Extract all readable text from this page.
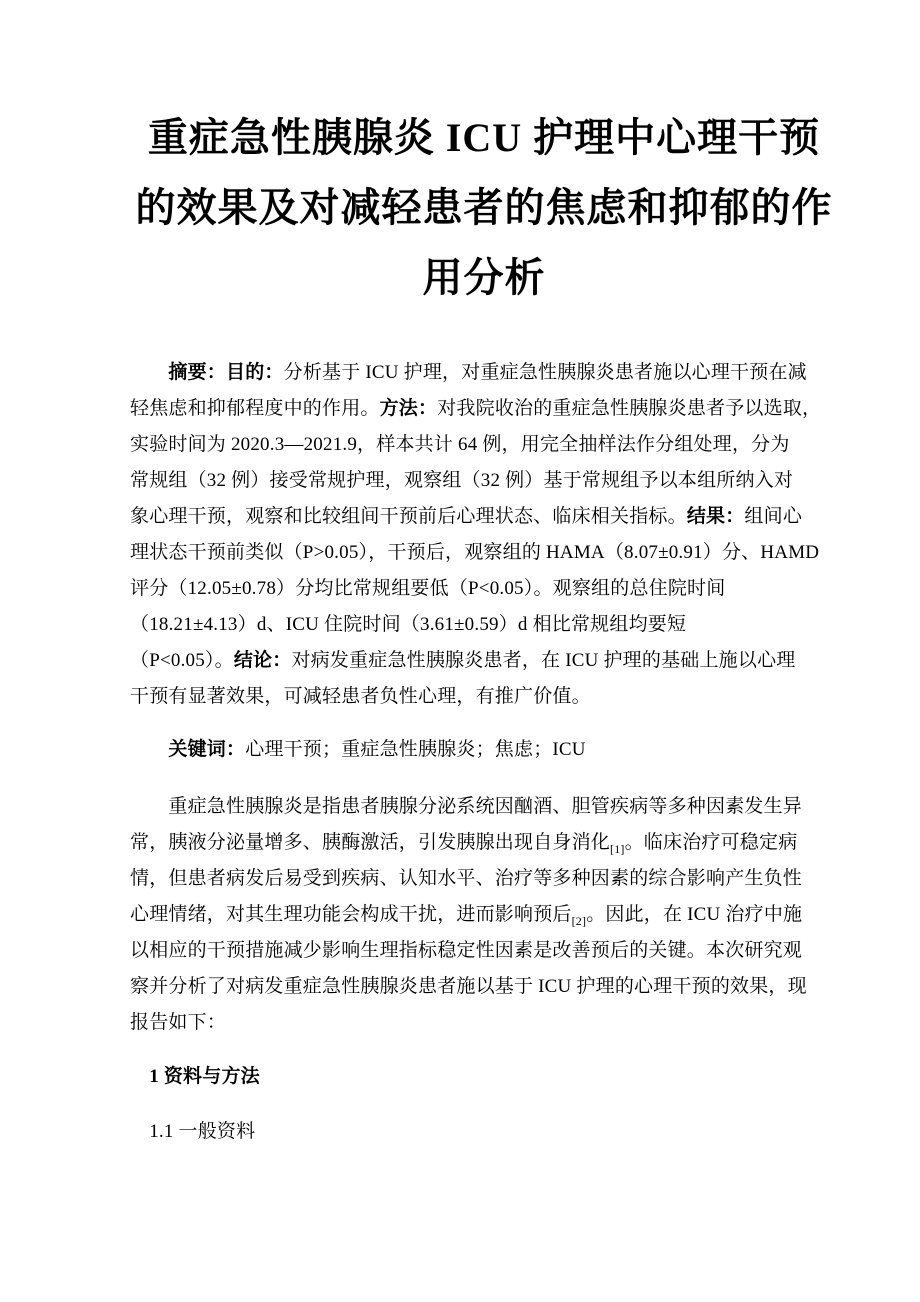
重症急性胰腺炎 ICU 护理中心理干预
的效果及对减轻患者的焦虑和抑郁的作
用分析
　　摘要：目的：分析基于 ICU 护理，对重症急性胰腺炎患者施以心理干预在减
轻焦虑和抑郁程度中的作用。方法：对我院收治的重症急性胰腺炎患者予以选取，
实验时间为 2020.3—2021.9，样本共计 64 例，用完全抽样法作分组处理，分为
常规组（32 例）接受常规护理，观察组（32 例）基于常规组予以本组所纳入对
象心理干预，观察和比较组间干预前后心理状态、临床相关指标。结果：组间心
理状态干预前类似（P>0.05），干预后，观察组的 HAMA（8.07±0.91）分、HAMD
评分（12.05±0.78）分均比常规组要低（P<0.05）。观察组的总住院时间
（18.21±4.13）d、ICU 住院时间（3.61±0.59）d 相比常规组均要短
（P<0.05）。结论：对病发重症急性胰腺炎患者，在 ICU 护理的基础上施以心理
干预有显著效果，可减轻患者负性心理，有推广价值。
　　关键词：心理干预；重症急性胰腺炎；焦虑；ICU
　　重症急性胰腺炎是指患者胰腺分泌系统因酗酒、胆管疾病等多种因素发生异
常，胰液分泌量增多、胰酶激活，引发胰腺出现自身消化$_{[1]}$。临床治疗可稳定病
情，但患者病发后易受到疾病、认知水平、治疗等多种因素的综合影响产生负性
心理情绪，对其生理功能会构成干扰，进而影响预后$_{[2]}$。因此，在 ICU 治疗中施
以相应的干预措施减少影响生理指标稳定性因素是改善预后的关键。本次研究观
察并分析了对病发重症急性胰腺炎患者施以基于 ICU 护理的心理干预的效果，现
报告如下：
　1 资料与方法
　1.1 一般资料
